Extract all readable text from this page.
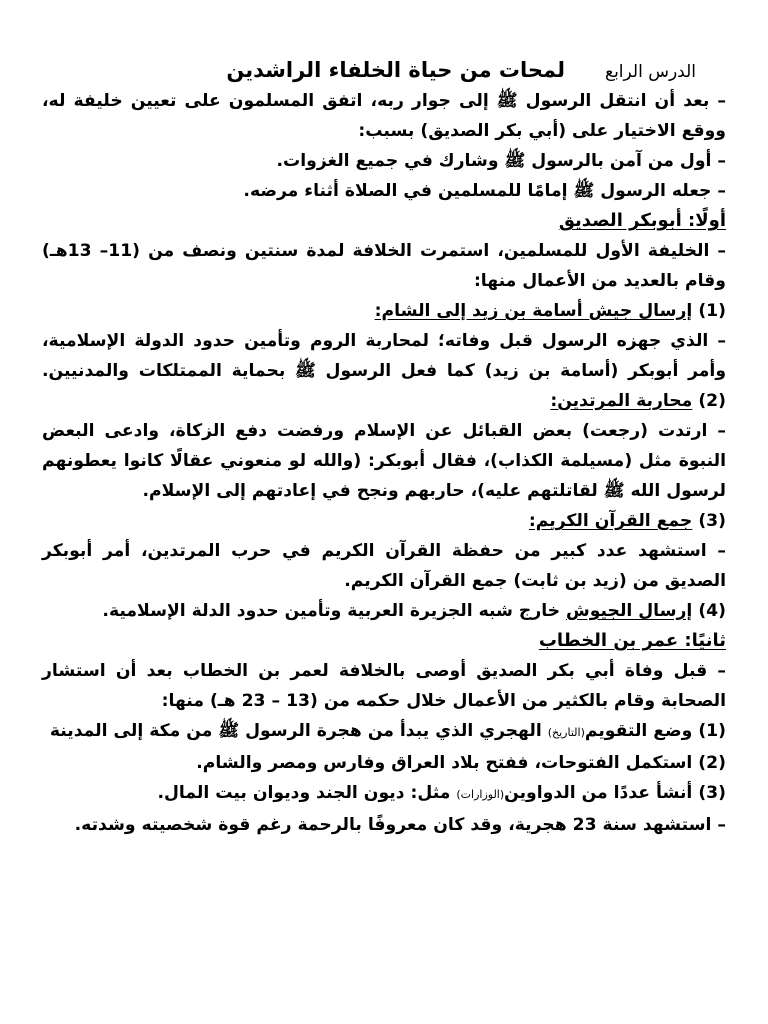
الدرس الرابع
لمحات من حياة الخلفاء الراشدين
– بعد أن انتقل الرسول ﷺ إلى جوار ربه، اتفق المسلمون على تعيين خليفة له،
ووقع الاختيار على (أبي بكر الصديق) بسبب:
– أول من آمن بالرسول ﷺ وشارك في جميع الغزوات.
– جعله الرسول ﷺ إمامًا للمسلمين في الصلاة أثناء مرضه.
أولًا: أبوبكر الصديق
– الخليفة الأول للمسلمين، استمرت الخلافة لمدة سنتين ونصف من (11– 13هـ)
وقام بالعديد من الأعمال منها:
(1) إرسال جيش أسامة بن زيد إلى الشام:
– الذي جهزه الرسول قبل وفاته؛ لمحاربة الروم وتأمين حدود الدولة الإسلامية،
وأمر أبوبكر (أسامة بن زيد) كما فعل الرسول ﷺ بحماية الممتلكات والمدنيين.
(2) محاربة المرتدين:
– ارتدت (رجعت) بعض القبائل عن الإسلام ورفضت دفع الزكاة، وادعى البعض
النبوة مثل (مسيلمة الكذاب)، فقال أبوبكر: (والله لو منعوني عقالًا كانوا يعطونهم
لرسول الله ﷺ لقاتلتهم عليه)، حاربهم ونجح في إعادتهم إلى الإسلام.
(3) جمع القرآن الكريم:
– استشهد عدد كبير من حفظة القرآن الكريم في حرب المرتدين، أمر أبوبكر
الصديق من (زيد بن ثابت) جمع القرآن الكريم.
(4) إرسال الجيوش خارج شبه الجزيرة العربية وتأمين حدود الدلة الإسلامية.
ثانيًا: عمر بن الخطاب
– قبل وفاة أبي بكر الصديق أوصى بالخلافة لعمر بن الخطاب بعد أن استشار
الصحابة وقام بالكثير من الأعمال خلال حكمه من (13 – 23 هـ) منها:
(1) وضع التقويم(التاريخ) الهجري الذي يبدأ من هجرة الرسول ﷺ من مكة إلى المدينة
(2) استكمل الفتوحات، ففتح بلاد العراق وفارس ومصر والشام.
(3) أنشأ عددًا من الدواوين(الوزارات) مثل: ديون الجند وديوان بيت المال.
– استشهد سنة 23 هجرية، وقد كان معروفًا بالرحمة رغم قوة شخصيته وشدته.
